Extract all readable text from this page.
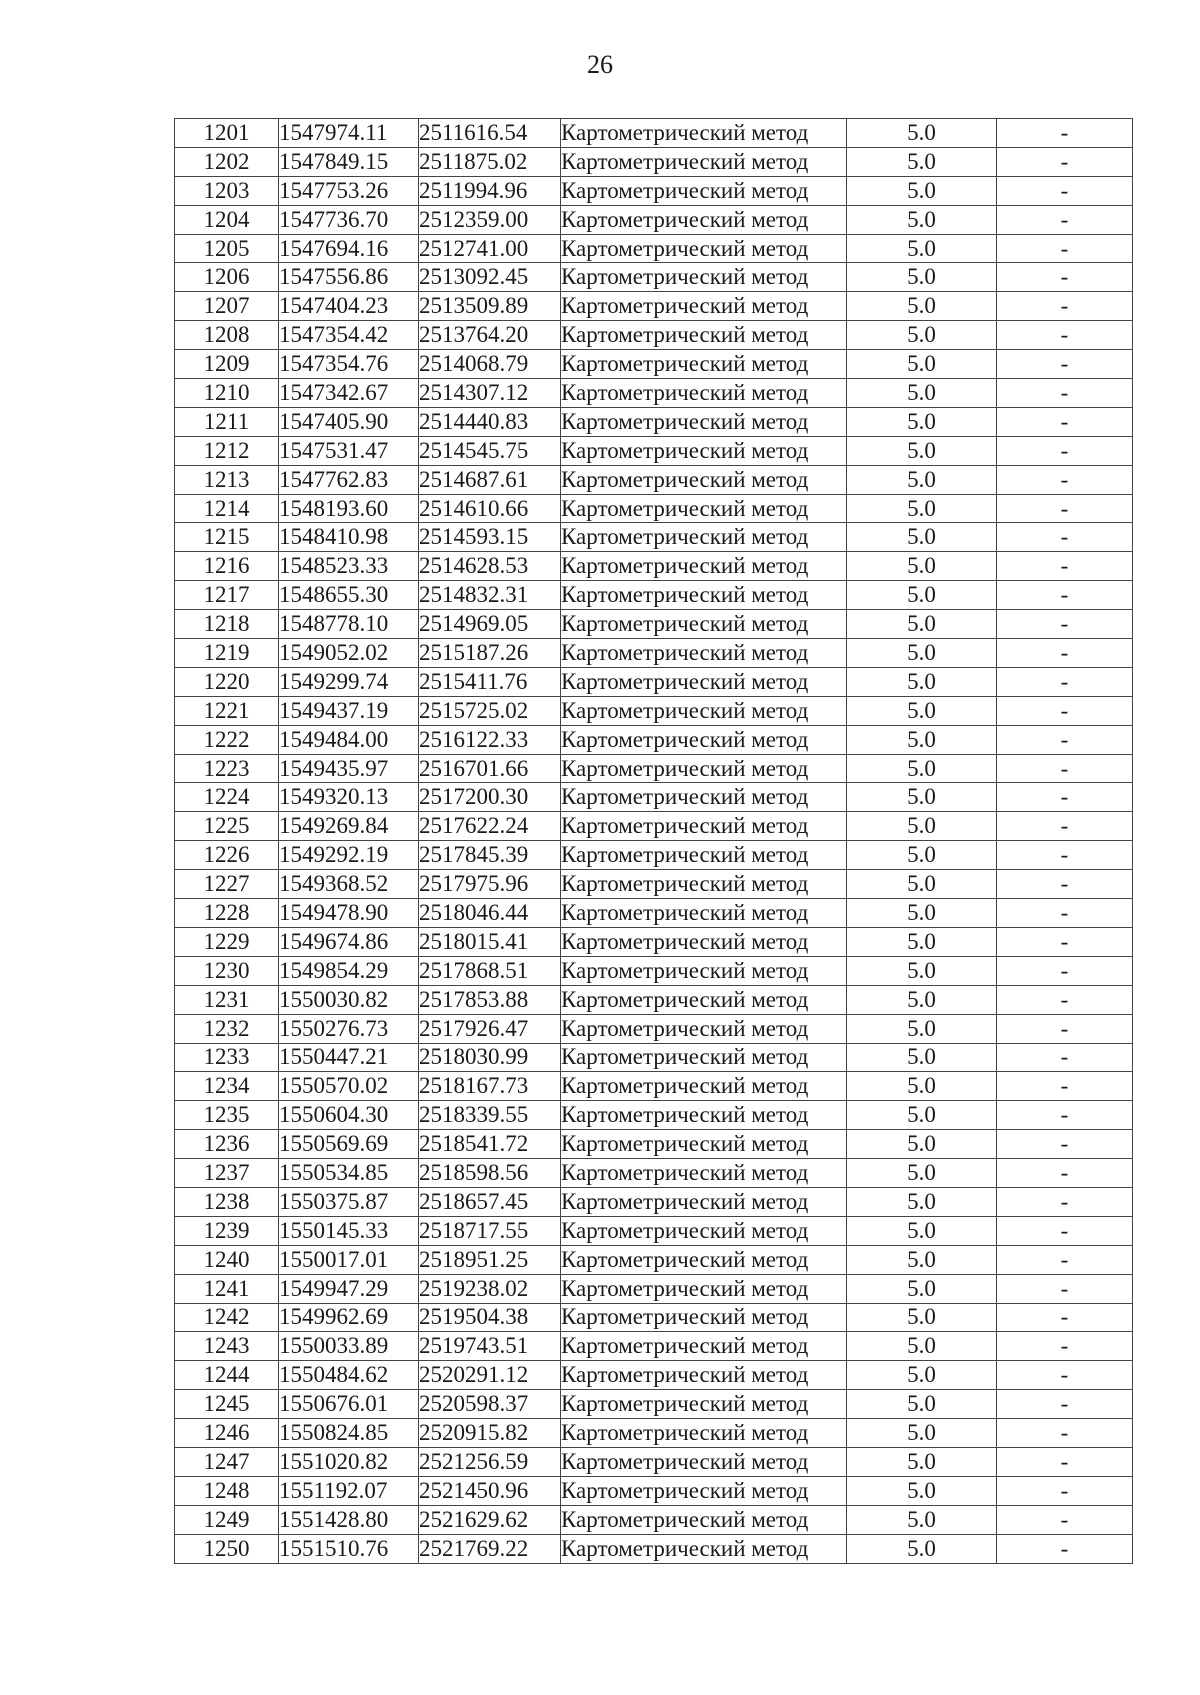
26
1201	1547974.11	2511616.54	Картометрический метод	5.0	-
1202	1547849.15	2511875.02	Картометрический метод	5.0	-
1203	1547753.26	2511994.96	Картометрический метод	5.0	-
1204	1547736.70	2512359.00	Картометрический метод	5.0	-
1205	1547694.16	2512741.00	Картометрический метод	5.0	-
1206	1547556.86	2513092.45	Картометрический метод	5.0	-
1207	1547404.23	2513509.89	Картометрический метод	5.0	-
1208	1547354.42	2513764.20	Картометрический метод	5.0	-
1209	1547354.76	2514068.79	Картометрический метод	5.0	-
1210	1547342.67	2514307.12	Картометрический метод	5.0	-
1211	1547405.90	2514440.83	Картометрический метод	5.0	-
1212	1547531.47	2514545.75	Картометрический метод	5.0	-
1213	1547762.83	2514687.61	Картометрический метод	5.0	-
1214	1548193.60	2514610.66	Картометрический метод	5.0	-
1215	1548410.98	2514593.15	Картометрический метод	5.0	-
1216	1548523.33	2514628.53	Картометрический метод	5.0	-
1217	1548655.30	2514832.31	Картометрический метод	5.0	-
1218	1548778.10	2514969.05	Картометрический метод	5.0	-
1219	1549052.02	2515187.26	Картометрический метод	5.0	-
1220	1549299.74	2515411.76	Картометрический метод	5.0	-
1221	1549437.19	2515725.02	Картометрический метод	5.0	-
1222	1549484.00	2516122.33	Картометрический метод	5.0	-
1223	1549435.97	2516701.66	Картометрический метод	5.0	-
1224	1549320.13	2517200.30	Картометрический метод	5.0	-
1225	1549269.84	2517622.24	Картометрический метод	5.0	-
1226	1549292.19	2517845.39	Картометрический метод	5.0	-
1227	1549368.52	2517975.96	Картометрический метод	5.0	-
1228	1549478.90	2518046.44	Картометрический метод	5.0	-
1229	1549674.86	2518015.41	Картометрический метод	5.0	-
1230	1549854.29	2517868.51	Картометрический метод	5.0	-
1231	1550030.82	2517853.88	Картометрический метод	5.0	-
1232	1550276.73	2517926.47	Картометрический метод	5.0	-
1233	1550447.21	2518030.99	Картометрический метод	5.0	-
1234	1550570.02	2518167.73	Картометрический метод	5.0	-
1235	1550604.30	2518339.55	Картометрический метод	5.0	-
1236	1550569.69	2518541.72	Картометрический метод	5.0	-
1237	1550534.85	2518598.56	Картометрический метод	5.0	-
1238	1550375.87	2518657.45	Картометрический метод	5.0	-
1239	1550145.33	2518717.55	Картометрический метод	5.0	-
1240	1550017.01	2518951.25	Картометрический метод	5.0	-
1241	1549947.29	2519238.02	Картометрический метод	5.0	-
1242	1549962.69	2519504.38	Картометрический метод	5.0	-
1243	1550033.89	2519743.51	Картометрический метод	5.0	-
1244	1550484.62	2520291.12	Картометрический метод	5.0	-
1245	1550676.01	2520598.37	Картометрический метод	5.0	-
1246	1550824.85	2520915.82	Картометрический метод	5.0	-
1247	1551020.82	2521256.59	Картометрический метод	5.0	-
1248	1551192.07	2521450.96	Картометрический метод	5.0	-
1249	1551428.80	2521629.62	Картометрический метод	5.0	-
1250	1551510.76	2521769.22	Картометрический метод	5.0	-
